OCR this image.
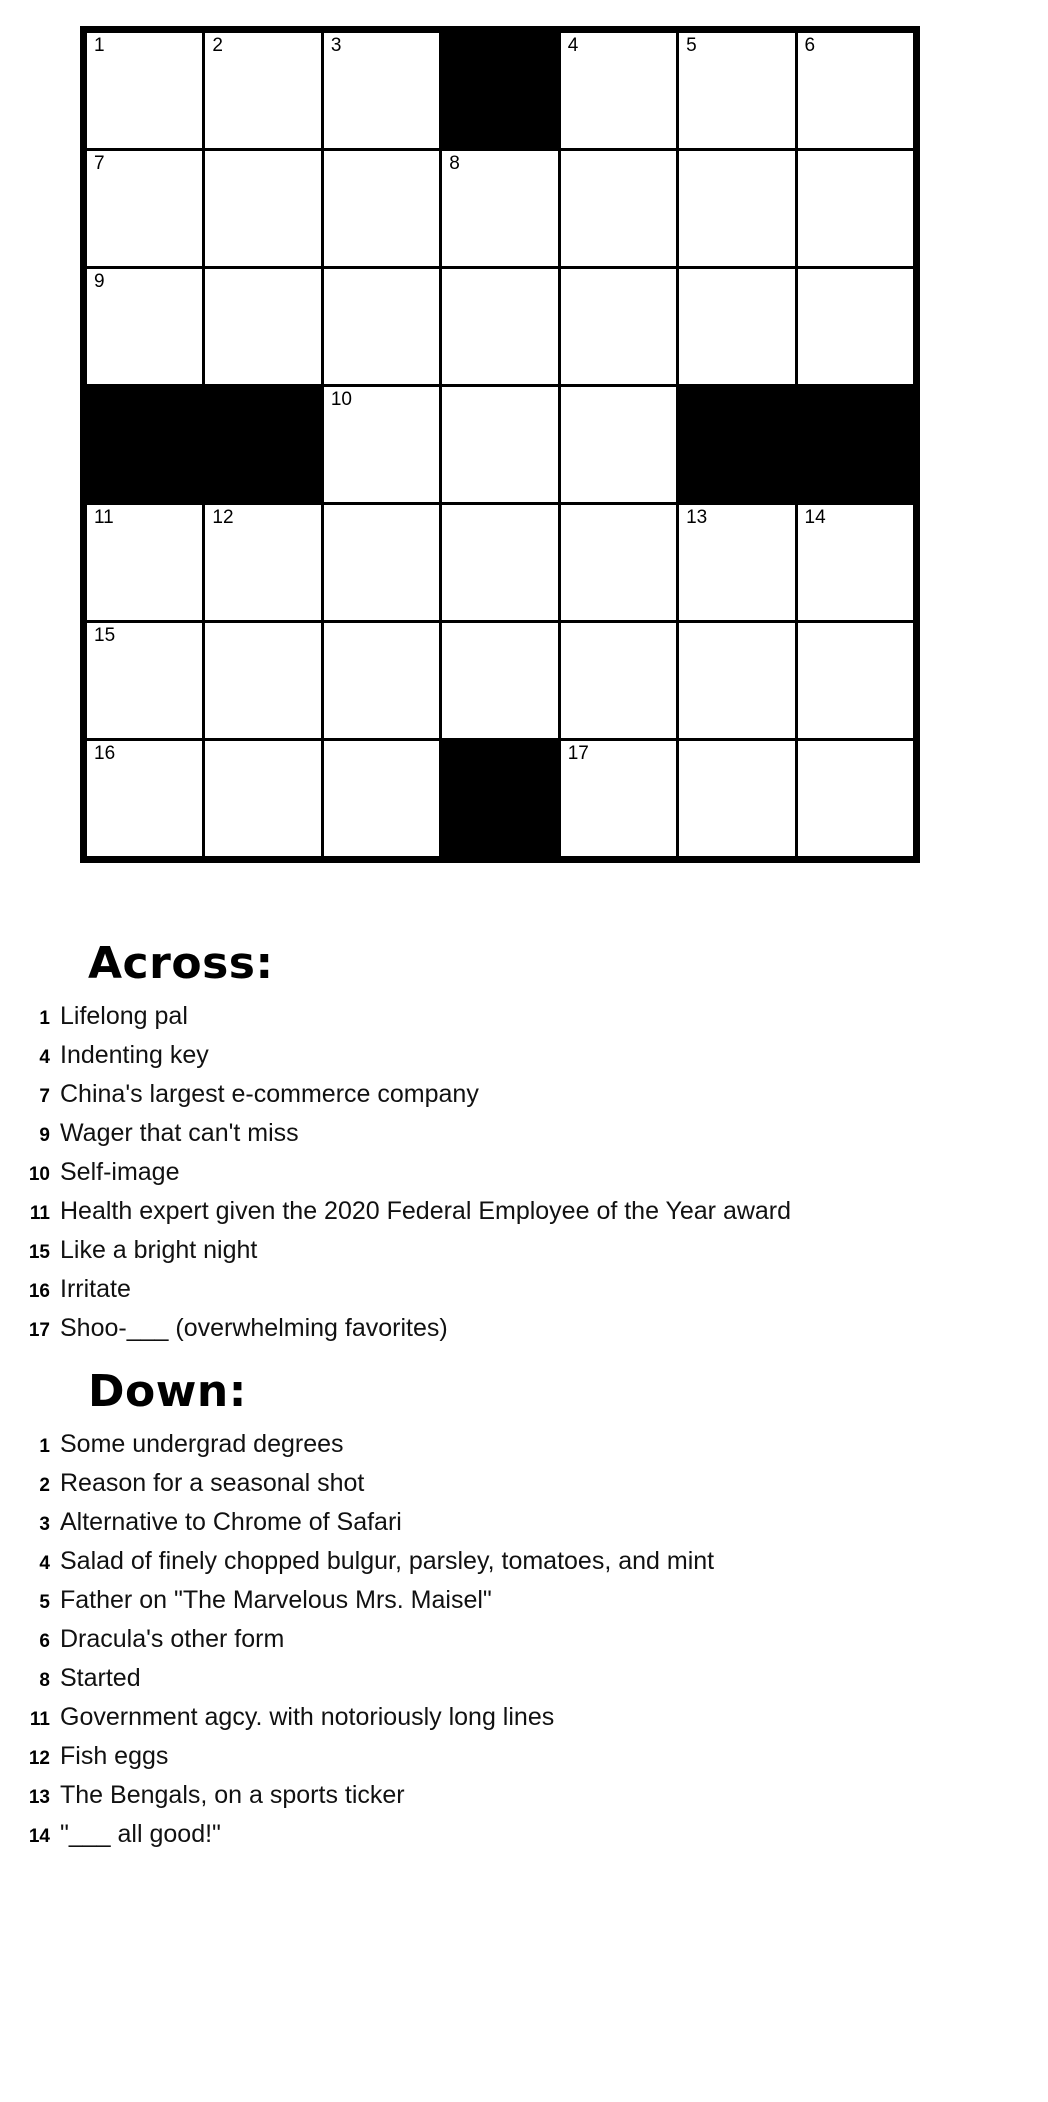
1	2	3		4	5	6

7			8			

9						

		10				

11	12				13	14

15						

16				17		

Across:
1 Lifelong pal
4 Indenting key
7 China's largest e-commerce company
9 Wager that can't miss
10 Self-image
11 Health expert given the 2020 Federal Employee of the Year award
15 Like a bright night
16 Irritate
17 Shoo-___ (overwhelming favorites)
Down:
1 Some undergrad degrees
2 Reason for a seasonal shot
3 Alternative to Chrome of Safari
4 Salad of finely chopped bulgur, parsley, tomatoes, and mint
5 Father on "The Marvelous Mrs. Maisel"
6 Dracula's other form
8 Started
11 Government agcy. with notoriously long lines
12 Fish eggs
13 The Bengals, on a sports ticker
14 "___ all good!"
